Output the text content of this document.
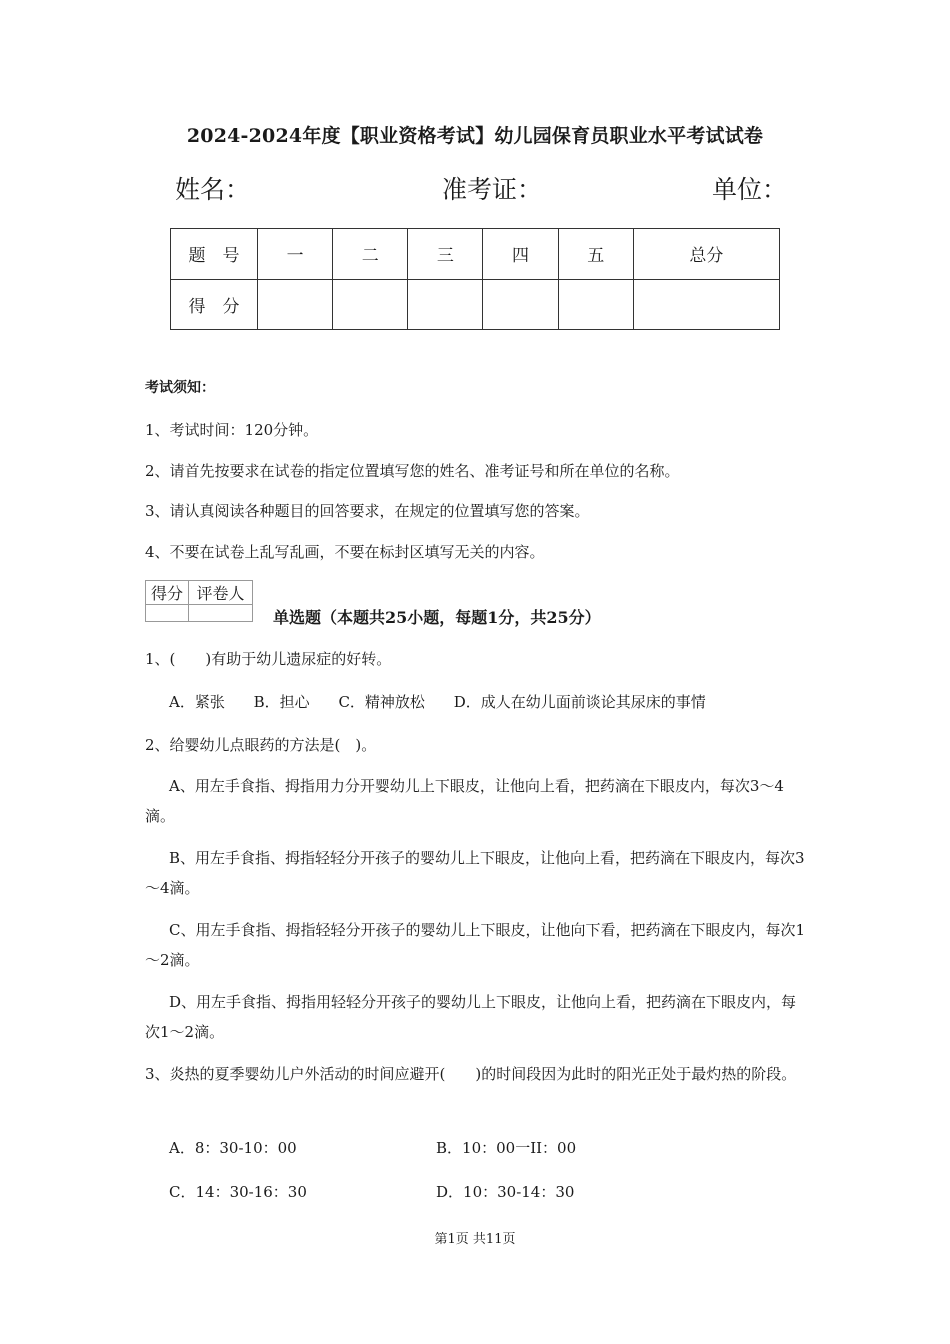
2024-2024年度【职业资格考试】幼儿园保育员职业水平考试试卷
姓名：	准考证：	单位：
题　号	一	二	三	四	五	总分
得　分						
考试须知：
1、考试时间：120分钟。
2、请首先按要求在试卷的指定位置填写您的姓名、准考证号和所在单位的名称。
3、请认真阅读各种题目的回答要求，在规定的位置填写您的答案。
4、不要在试卷上乱写乱画，不要在标封区填写无关的内容。
得分	评卷人

单选题（本题共25小题，每题1分，共25分）
1、(　　)有助于幼儿遗尿症的好转。
A．紧张 B．担心 C．精神放松 D．成人在幼儿面前谈论其尿床的事情
2、给婴幼儿点眼药的方法是(　)。
A、用左手食指、拇指用力分开婴幼儿上下眼皮，让他向上看，把药滴在下眼皮内，每次3～4滴。
B、用左手食指、拇指轻轻分开孩子的婴幼儿上下眼皮，让他向上看，把药滴在下眼皮内，每次3～4滴。
C、用左手食指、拇指轻轻分开孩子的婴幼儿上下眼皮，让他向下看，把药滴在下眼皮内，每次1～2滴。
D、用左手食指、拇指用轻轻分开孩子的婴幼儿上下眼皮，让他向上看，把药滴在下眼皮内，每次1～2滴。
3、炎热的夏季婴幼儿户外活动的时间应避开(　　)的时间段因为此时的阳光正处于最灼热的阶段。
A．8：30-10：00	B．10：00一II：00
C．14：30-16：30	D．10：30-14：30
第1页 共11页
